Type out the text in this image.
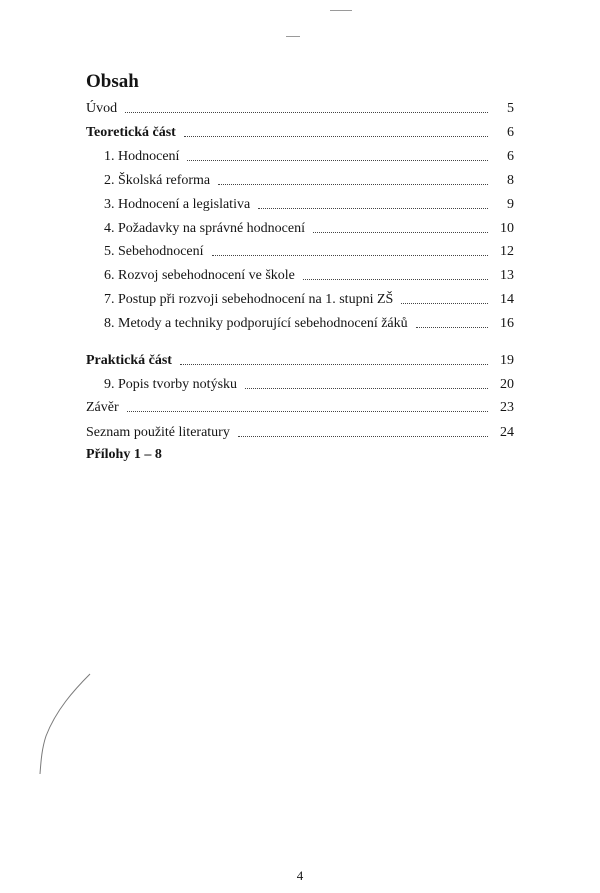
Obsah
Úvod	5
Teoretická část	6
1. Hodnocení	6
2. Školská reforma	8
3. Hodnocení a legislativa	9
4. Požadavky na správné hodnocení	10
5. Sebehodnocení	12
6. Rozvoj sebehodnocení ve škole	13
7. Postup při rozvoji sebehodnocení na 1. stupni ZŠ	14
8. Metody a techniky podporující sebehodnocení žáků	16
Praktická část	19
9. Popis tvorby notýsku	20
Závěr	23
Seznam použité literatury	24
Přílohy 1 – 8
4
